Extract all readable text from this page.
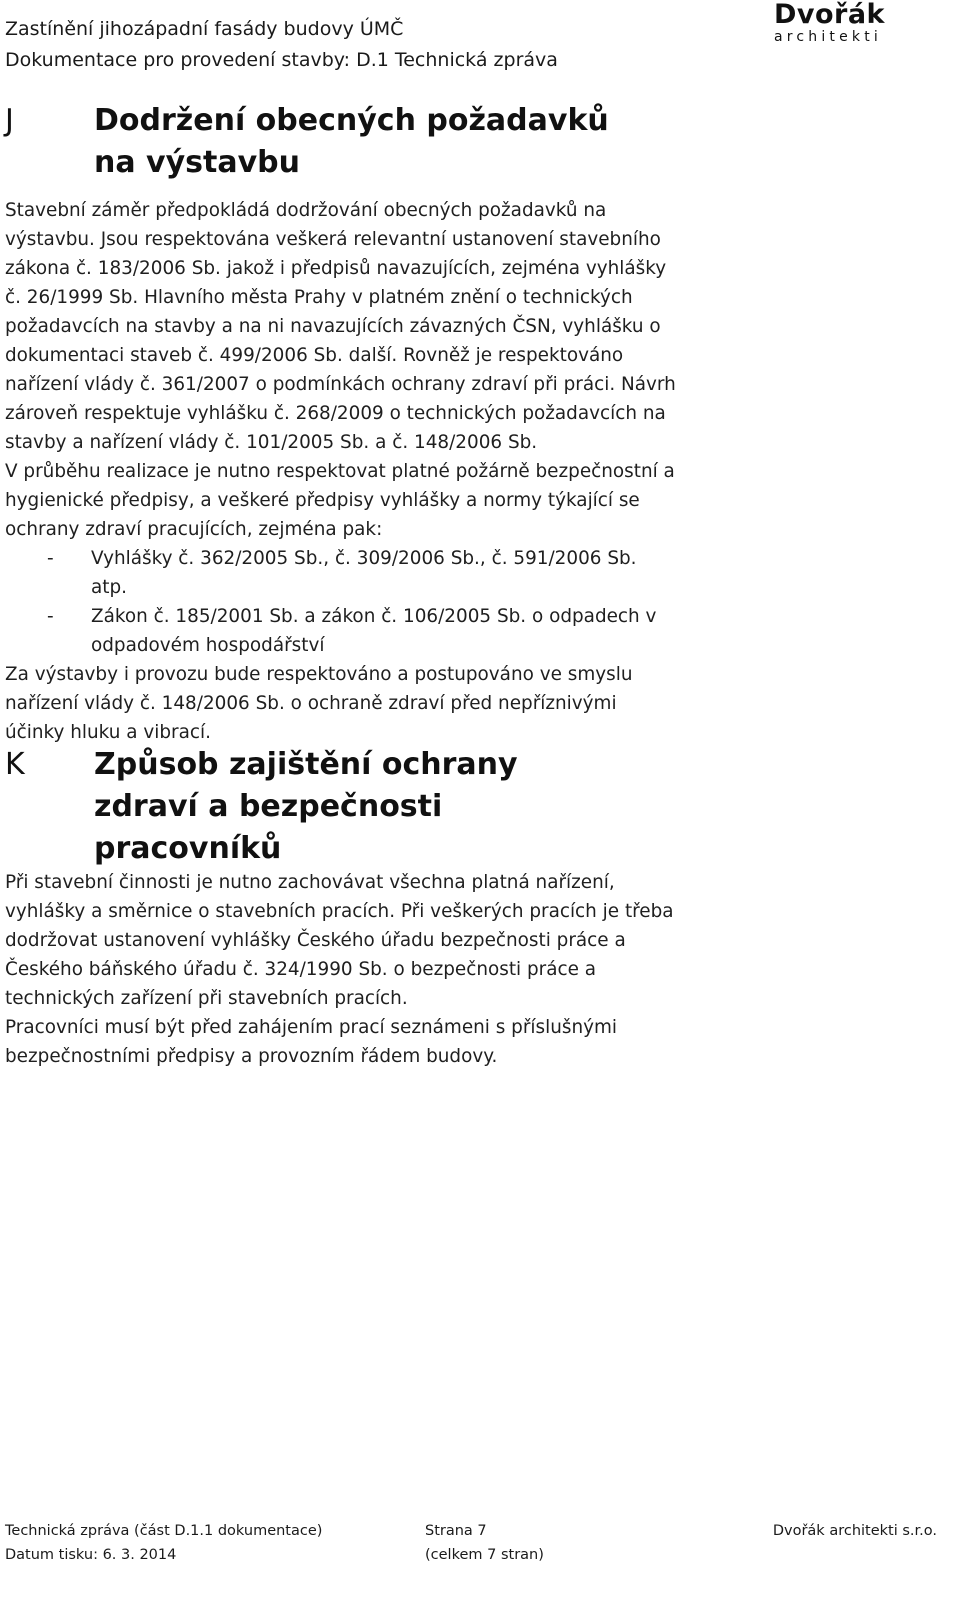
Zastínění jihozápadní fasády budovy ÚMČ
Dokumentace pro provedení stavby: D.1 Technická zpráva
Dvořák
architekti
J	Dodržení obecných požadavků na výstavbu

Stavební záměr předpokládá dodržování obecných požadavků na výstavbu. Jsou respektována veškerá relevantní ustanovení stavebního zákona č. 183/2006 Sb. jakož i předpisů navazujících, zejména vyhlášky č. 26/1999 Sb. Hlavního města Prahy v platném znění o technických požadavcích na stavby a na ni navazujících závazných ČSN, vyhlášku o dokumentaci staveb č. 499/2006 Sb. další. Rovněž je respektováno nařízení vlády č. 361/2007 o podmínkách ochrany zdraví při práci. Návrh zároveň respektuje vyhlášku č. 268/2009 o technických požadavcích na stavby a nařízení vlády č. 101/2005 Sb. a č. 148/2006 Sb.

V průběhu realizace je nutno respektovat platné požárně bezpečnostní a hygienické předpisy, a veškeré předpisy vyhlášky a normy týkající se ochrany zdraví pracujících, zejména pak:

- Vyhlášky č. 362/2005 Sb., č. 309/2006 Sb., č. 591/2006 Sb. atp.
- Zákon č. 185/2001 Sb. a zákon č. 106/2005 Sb. o odpadech v odpadovém hospodářství

Za výstavby i provozu bude respektováno a postupováno ve smyslu nařízení vlády č. 148/2006 Sb. o ochraně zdraví před nepříznivými účinky hluku a vibrací.

K Způsob zajištění ochrany zdraví a bezpečnosti pracovníků

Při stavební činnosti je nutno zachovávat všechna platná nařízení, vyhlášky a směrnice o stavebních pracích. Při veškerých pracích je třeba dodržovat ustanovení vyhlášky Českého úřadu bezpečnosti práce a Českého báňského úřadu č. 324/1990 Sb. o bezpečnosti práce a technických zařízení při stavebních pracích.

Pracovníci musí být před zahájením prací seznámeni s příslušnými bezpečnostními předpisy a provozním řádem budovy.

Technická zpráva (část D.1.1 dokumentace)
Datum tisku: 6. 3. 2014
Strana 7
(celkem 7 stran)
Dvořák architekti s.r.o.
